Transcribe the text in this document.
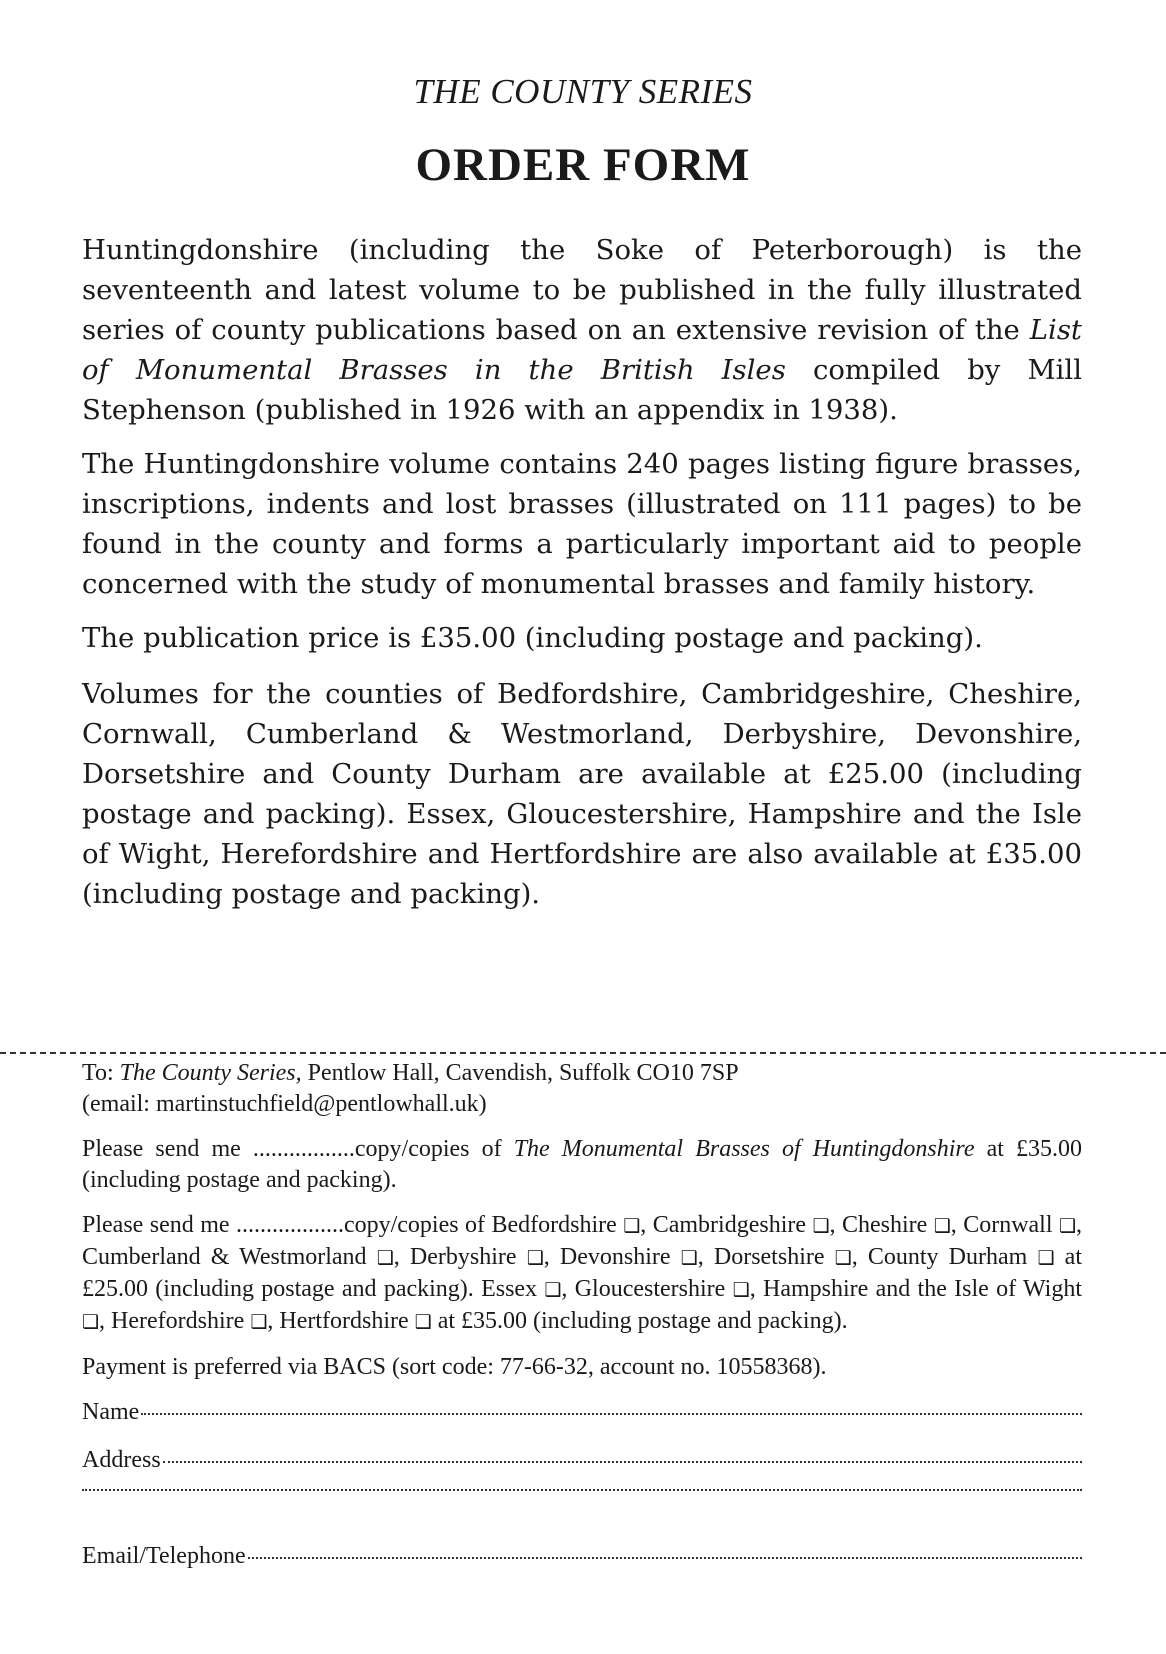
THE COUNTY SERIES
ORDER FORM

Huntingdonshire (including the Soke of Peterborough) is the seventeenth and latest volume to be published in the fully illustrated series of county publications based on an extensive revision of the List of Monumental Brasses in the British Isles compiled by Mill Stephenson (published in 1926 with an appendix in 1938).

The Huntingdonshire volume contains 240 pages listing figure brasses, inscriptions, indents and lost brasses (illustrated on 111 pages) to be found in the county and forms a particularly important aid to people concerned with the study of monumental brasses and family history.

The publication price is £35.00 (including postage and packing).

Volumes for the counties of Bedfordshire, Cambridgeshire, Cheshire, Cornwall, Cumberland & Westmorland, Derbyshire, Devonshire, Dorsetshire and County Durham are available at £25.00 (including postage and packing). Essex, Gloucestershire, Hampshire and the Isle of Wight, Herefordshire and Hertfordshire are also available at £35.00 (including postage and packing).

To: The County Series, Pentlow Hall, Cavendish, Suffolk CO10 7SP

(email: martinstuchfield@pentlowhall.uk)

Please send me .................copy/copies of The Monumental Brasses of Huntingdonshire at £35.00 (including postage and packing).

Please send me ..................copy/copies of Bedfordshire ❑, Cambridgeshire ❑, Cheshire ❑, Cornwall ❑, Cumberland & Westmorland ❑, Derbyshire ❑, Devonshire ❑, Dorsetshire ❑, County Durham ❑ at £25.00 (including postage and packing). Essex ❑, Gloucestershire ❑, Hampshire and the Isle of Wight ❑, Herefordshire ❑, Hertfordshire ❑ at £35.00 (including postage and packing).

Payment is preferred via BACS (sort code: 77-66-32, account no. 10558368).

Name
Address
Email/Telephone
